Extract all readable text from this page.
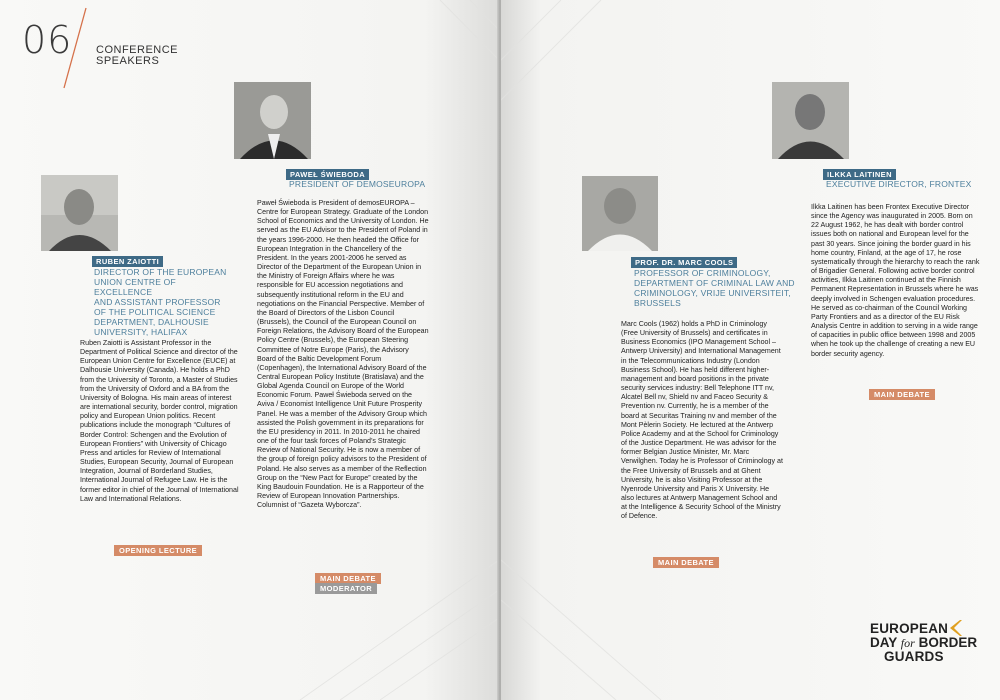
06 CONFERENCE
SPEAKERS
RUBEN ZAIOTTI
DIRECTOR OF THE EUROPEAN
UNION CENTRE OF EXCELLENCE
AND ASSISTANT PROFESSOR
OF THE POLITICAL SCIENCE
DEPARTMENT, DALHOUSIE
UNIVERSITY, HALIFAX

Ruben Zaiotti is Assistant Professor in the Department of Political Science and director of the European Union Centre for Excellence (EUCE) at Dalhousie University (Canada). He holds a PhD from the University of Toronto, a Master of Studies from the University of Oxford and a BA from the University of Bologna. His main areas of interest are international security, border control, migration policy and European Union politics. Recent publications include the monograph “Cultures of Border Control: Schengen and the Evolution of European Frontiers” with University of Chicago Press and articles for Review of International Studies, European Security, Journal of European Integration, Journal of Borderland Studies, International Journal of Refugee Law. He is the former editor in chief of the Journal of International Law and International Relations.

OPENING LECTURE
PAWEŁ ŚWIEBODA
PRESIDENT OF DEMOSEUROPA

Paweł Świeboda is President of demosEUROPA – Centre for European Strategy. Graduate of the London School of Economics and the University of London. He served as the EU Advisor to the President of Poland in the years 1996-2000. He then headed the Office for European Integration in the Chancellery of the President. In the years 2001-2006 he served as Director of the Department of the European Union in the Ministry of Foreign Affairs where he was responsible for EU accession negotiations and subsequently institutional reform in the EU and negotiations on the Financial Perspective. Member of the Board of Directors of the Lisbon Council (Brussels), the Council of the European Council on Foreign Relations, the Advisory Board of the European Policy Centre (Brussels), the European Steering Committee of Notre Europe (Paris), the Advisory Board of the Baltic Development Forum (Copenhagen), the International Advisory Board of the Central European Policy Institute (Bratislava) and the Global Agenda Council on Europe of the World Economic Forum. Paweł Świeboda served on the Aviva / Economist Intelligence Unit Future Prosperity Panel. He was a member of the Advisory Group which assisted the Polish government in its preparations for the EU presidency in 2011. In 2010-2011 he chaired one of the four task forces of Poland’s Strategic Review of National Security. He is now a member of the group of foreign policy advisors to the President of Poland. He also serves as a member of the Reflection Group on the “New Pact for Europe” created by the King Baudouin Foundation. He is a Rapporteur of the Review of European Innovation Partnerships. Columnist of “Gazeta Wyborcza”.

MAIN DEBATE
MODERATOR
PROF. DR. MARC COOLS
PROFESSOR OF CRIMINOLOGY,
DEPARTMENT OF CRIMINAL LAW AND
CRIMINOLOGY, VRIJE UNIVERSITEIT,
BRUSSELS

Marc Cools (1962) holds a PhD in Criminology (Free University of Brussels) and certificates in Business Economics (IPO Management School – Antwerp University) and International Management in the Telecommunications Industry (London Business School). He has held different higher-management and board positions in the private security services industry: Bell Telephone ITT nv, Alcatel Bell nv, Shield nv and Faceo Security & Prevention nv. Currently, he is a member of the board at Securitas Training nv and member of the Mont Pèlerin Society. He lectured at the Antwerp Police Academy and at the School for Criminology of the Justice Department. He was advisor for the former Belgian Justice Minister, Mr. Marc Verwilghen. Today he is Professor of Criminology at the Free University of Brussels and at Ghent University, he is also Visiting Professor at the Nyenrode University and Paris X University. He also lectures at Antwerp Management School and at the Intelligence & Security School of the Ministry of Defence.

MAIN DEBATE
ILKKA LAITINEN
EXECUTIVE DIRECTOR, FRONTEX

Ilkka Laitinen has been Frontex Executive Director since the Agency was inaugurated in 2005. Born on 22 August 1962, he has dealt with border control issues both on national and European level for the past 30 years. Since joining the border guard in his home country, Finland, at the age of 17, he rose systematically through the hierarchy to reach the rank of Brigadier General. Following active border control activities, Ilkka Laitinen continued at the Finnish Permanent Representation in Brussels where he was deeply involved in Schengen evaluation procedures. He served as co-chairman of the Council Working Party Frontiers and as a director of the EU Risk Analysis Centre in addition to serving in a wide range of capacities in public office between 1998 and 2005 when he took up the challenge of creating a new EU border security agency.

MAIN DEBATE
EUROPEAN
DAY for BORDER
GUARDS
